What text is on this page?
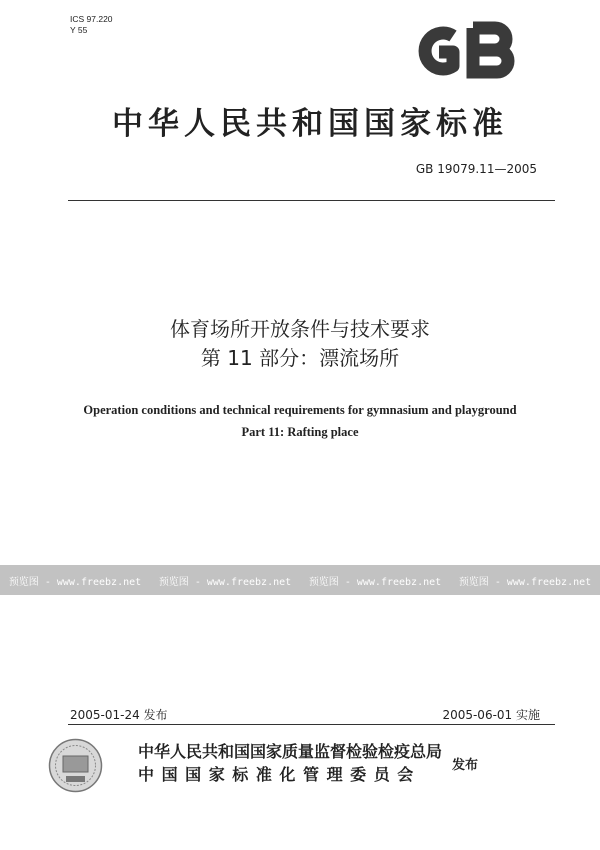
ICS 97.220
Y 55
中华人民共和国国家标准
GB 19079.11—2005
体育场所开放条件与技术要求
第 11 部分：漂流场所
Operation conditions and technical requirements for gymnasium and playground
Part 11: Rafting place
预览图 - www.freebz.net 预览图 - www.freebz.net 预览图 - www.freebz.net 预览图 - www.freebz.net
2005-01-24 发布	2005-06-01 实施
中华人民共和国国家质量监督检验检疫总局
中 国 国 家 标 准 化 管 理 委 员 会	发布
